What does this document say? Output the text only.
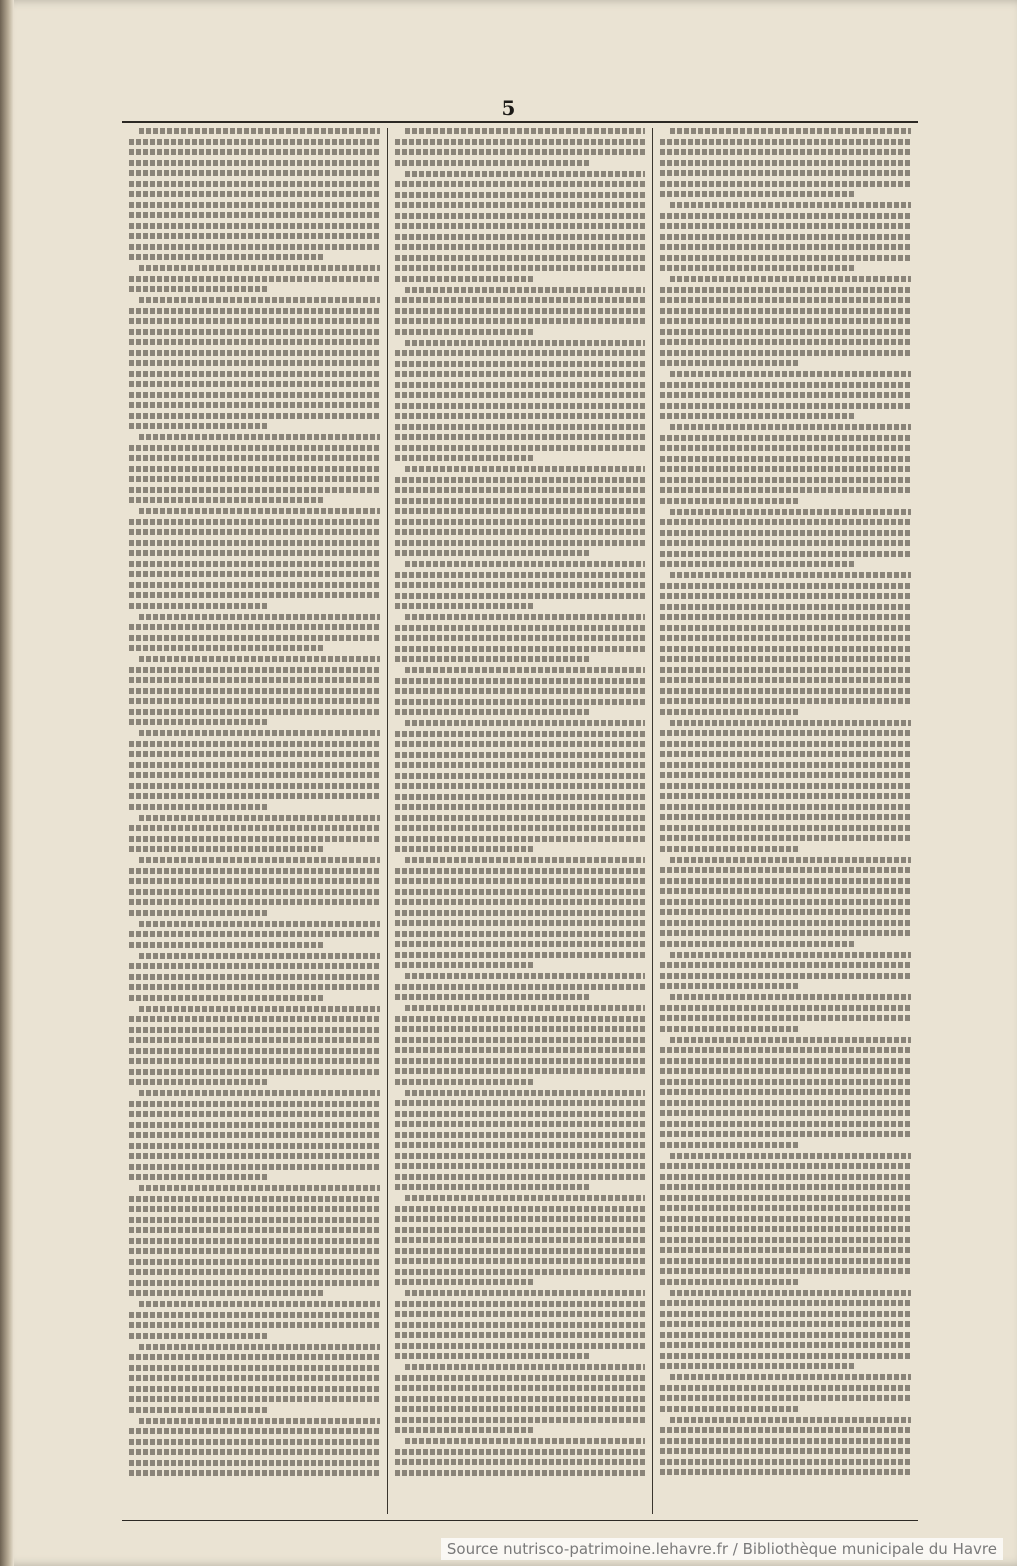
5
Source nutrisco-patrimoine.lehavre.fr / Bibliothèque municipale du Havre
